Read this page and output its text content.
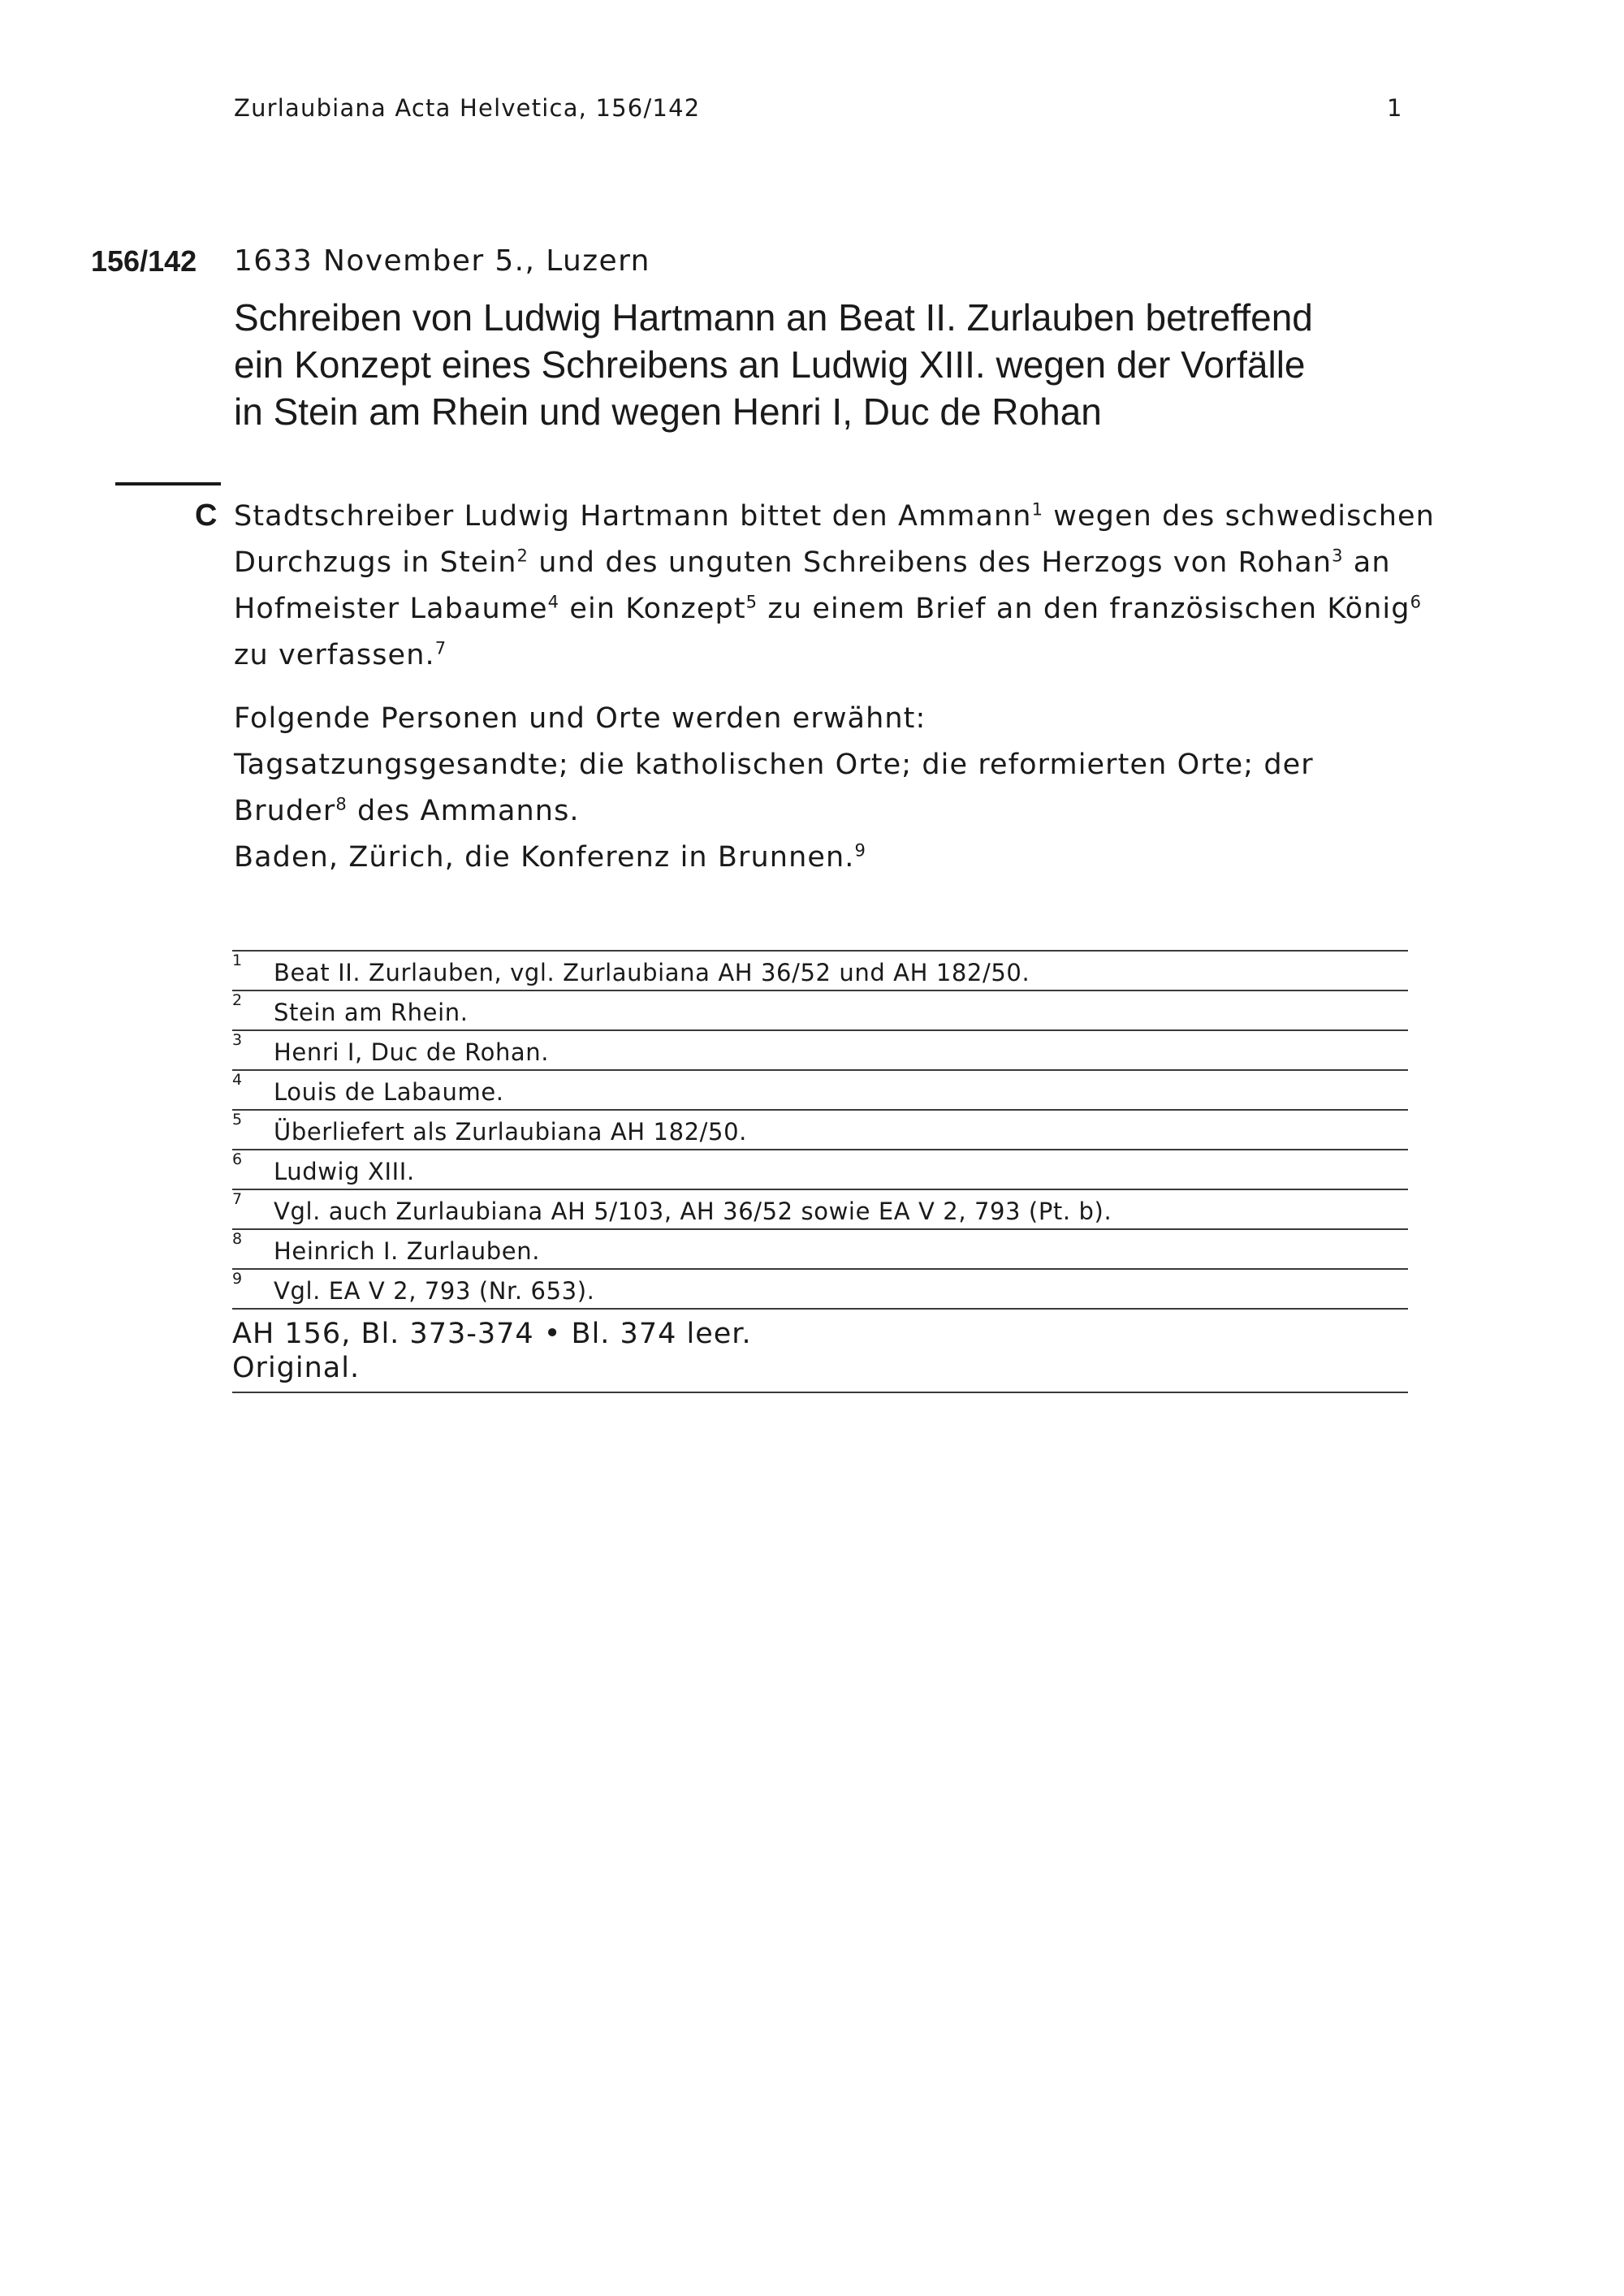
Zurlaubiana Acta Helvetica, 156/142	1
156/142	1633 November 5., Luzern
Schreiben von Ludwig Hartmann an Beat II. Zurlauben betreffend
ein Konzept eines Schreibens an Ludwig XIII. wegen der Vorfälle
in Stein am Rhein und wegen Henri I, Duc de Rohan
C Stadtschreiber Ludwig Hartmann bittet den Ammann$^1$ wegen des schwedischen
Durchzugs in Stein$^2$ und des unguten Schreibens des Herzogs von Rohan$^3$ an
Hofmeister Labaume$^4$ ein Konzept$^5$ zu einem Brief an den französischen König$^6$
zu verfassen.$^7$
Folgende Personen und Orte werden erwähnt:
Tagsatzungsgesandte; die katholischen Orte; die reformierten Orte; der
Bruder$^8$ des Ammanns.
Baden, Zürich, die Konferenz in Brunnen.$^9$
1 Beat II. Zurlauben, vgl. Zurlaubiana AH 36/52 und AH 182/50.
2 Stein am Rhein.
3 Henri I, Duc de Rohan.
4 Louis de Labaume.
5 Überliefert als Zurlaubiana AH 182/50.
6 Ludwig XIII.
7 Vgl. auch Zurlaubiana AH 5/103, AH 36/52 sowie EA V 2, 793 (Pt. b).
8 Heinrich I. Zurlauben.
9 Vgl. EA V 2, 793 (Nr. 653).
AH 156, Bl. 373-374 • Bl. 374 leer.
Original.
